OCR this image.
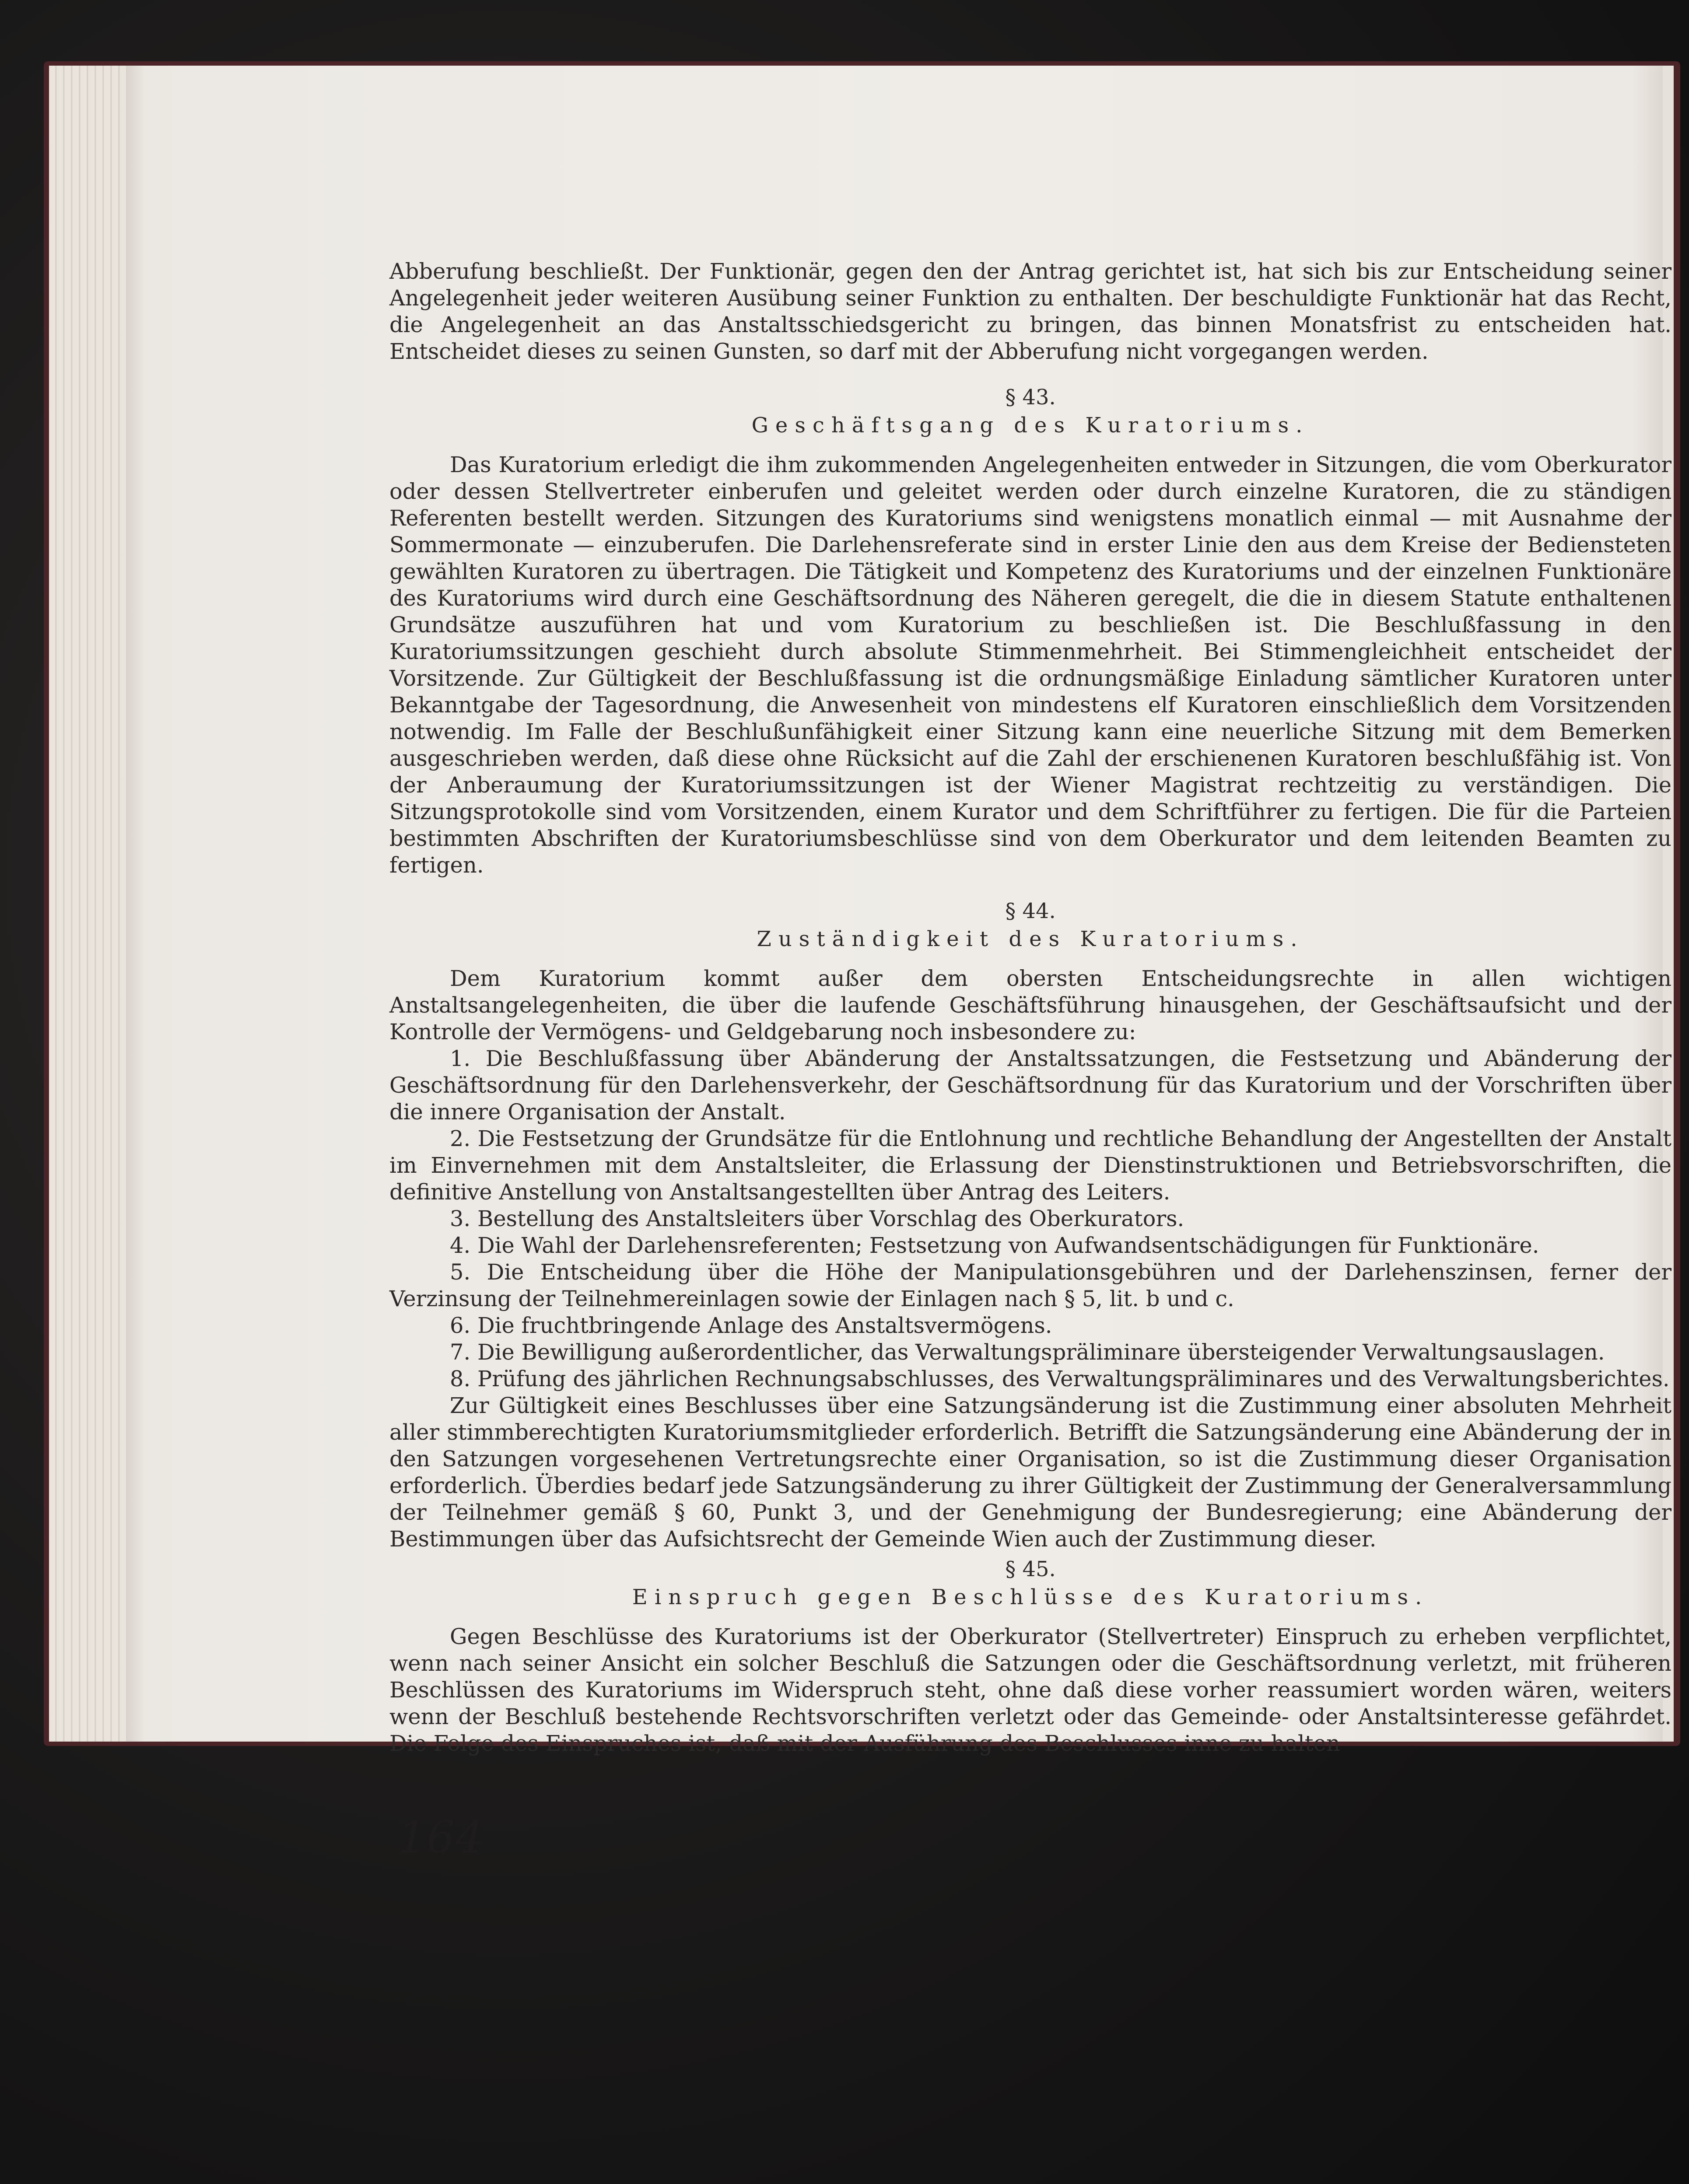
Abberufung beschließt. Der Funktionär, gegen den der Antrag gerichtet ist, hat sich bis zur Entscheidung seiner Angelegenheit jeder weiteren Ausübung seiner Funktion zu enthalten. Der beschuldigte Funktionär hat das Recht, die Angelegenheit an das Anstaltsschiedsgericht zu bringen, das binnen Monatsfrist zu entscheiden hat. Entscheidet dieses zu seinen Gunsten, so darf mit der Abberufung nicht vorgegangen werden.

§ 43.
Geschäftsgang des Kuratoriums.

Das Kuratorium erledigt die ihm zukommenden Angelegenheiten entweder in Sitzungen, die vom Oberkurator oder dessen Stellvertreter einberufen und geleitet werden oder durch einzelne Kuratoren, die zu ständigen Referenten bestellt werden. Sitzungen des Kuratoriums sind wenigstens monatlich einmal — mit Ausnahme der Sommermonate — einzuberufen. Die Darlehensreferate sind in erster Linie den aus dem Kreise der Bediensteten gewählten Kuratoren zu übertragen. Die Tätigkeit und Kompetenz des Kuratoriums und der einzelnen Funktionäre des Kuratoriums wird durch eine Geschäftsordnung des Näheren geregelt, die die in diesem Statute enthaltenen Grundsätze auszuführen hat und vom Kuratorium zu beschließen ist. Die Beschlußfassung in den Kuratoriumssitzungen geschieht durch absolute Stimmenmehrheit. Bei Stimmengleichheit entscheidet der Vorsitzende. Zur Gültigkeit der Beschlußfassung ist die ordnungsmäßige Einladung sämtlicher Kuratoren unter Bekanntgabe der Tagesordnung, die Anwesenheit von mindestens elf Kuratoren einschließlich dem Vorsitzenden notwendig. Im Falle der Beschlußunfähigkeit einer Sitzung kann eine neuerliche Sitzung mit dem Bemerken ausgeschrieben werden, daß diese ohne Rücksicht auf die Zahl der erschienenen Kuratoren beschlußfähig ist. Von der Anberaumung der Kuratoriumssitzungen ist der Wiener Magistrat rechtzeitig zu verständigen. Die Sitzungsprotokolle sind vom Vorsitzenden, einem Kurator und dem Schriftführer zu fertigen. Die für die Parteien bestimmten Abschriften der Kuratoriumsbeschlüsse sind von dem Oberkurator und dem leitenden Beamten zu fertigen.

§ 44.
Zuständigkeit des Kuratoriums.

Dem Kuratorium kommt außer dem obersten Entscheidungsrechte in allen wichtigen Anstaltsangelegenheiten, die über die laufende Geschäftsführung hinausgehen, der Geschäftsaufsicht und der Kontrolle der Vermögens- und Geldgebarung noch insbesondere zu:

1. Die Beschlußfassung über Abänderung der Anstaltssatzungen, die Festsetzung und Abänderung der Geschäftsordnung für den Darlehensverkehr, der Geschäftsordnung für das Kuratorium und der Vorschriften über die innere Organisation der Anstalt.

2. Die Festsetzung der Grundsätze für die Entlohnung und rechtliche Behandlung der Angestellten der Anstalt im Einvernehmen mit dem Anstaltsleiter, die Erlassung der Dienstinstruktionen und Betriebsvorschriften, die definitive Anstellung von Anstaltsangestellten über Antrag des Leiters.

3. Bestellung des Anstaltsleiters über Vorschlag des Oberkurators.

4. Die Wahl der Darlehensreferenten; Festsetzung von Aufwandsentschädigungen für Funktionäre.

5. Die Entscheidung über die Höhe der Manipulationsgebühren und der Darlehenszinsen, ferner der Verzinsung der Teilnehmereinlagen sowie der Einlagen nach § 5, lit. b und c.

6. Die fruchtbringende Anlage des Anstaltsvermögens.

7. Die Bewilligung außerordentlicher, das Verwaltungspräliminare übersteigender Verwaltungsauslagen.

8. Prüfung des jährlichen Rechnungsabschlusses, des Verwaltungspräliminares und des Verwaltungsberichtes.

Zur Gültigkeit eines Beschlusses über eine Satzungsänderung ist die Zustimmung einer absoluten Mehrheit aller stimmberechtigten Kuratoriumsmitglieder erforderlich. Betrifft die Satzungsänderung eine Abänderung der in den Satzungen vorgesehenen Vertretungsrechte einer Organisation, so ist die Zustimmung dieser Organisation erforderlich. Überdies bedarf jede Satzungsänderung zu ihrer Gültigkeit der Zustimmung der Generalversammlung der Teilnehmer gemäß § 60, Punkt 3, und der Genehmigung der Bundesregierung; eine Abänderung der Bestimmungen über das Aufsichtsrecht der Gemeinde Wien auch der Zustimmung dieser.

§ 45.
Einspruch gegen Beschlüsse des Kuratoriums.

Gegen Beschlüsse des Kuratoriums ist der Oberkurator (Stellvertreter) Einspruch zu erheben verpflichtet, wenn nach seiner Ansicht ein solcher Beschluß die Satzungen oder die Geschäftsordnung verletzt, mit früheren Beschlüssen des Kuratoriums im Widerspruch steht, ohne daß diese vorher reassumiert worden wären, weiters wenn der Beschluß bestehende Rechtsvorschriften verletzt oder das Gemeinde- oder Anstaltsinteresse gefährdet. Die Folge des Einspruches ist, daß mit der Ausführung des Beschlusses inne zu halten

164
